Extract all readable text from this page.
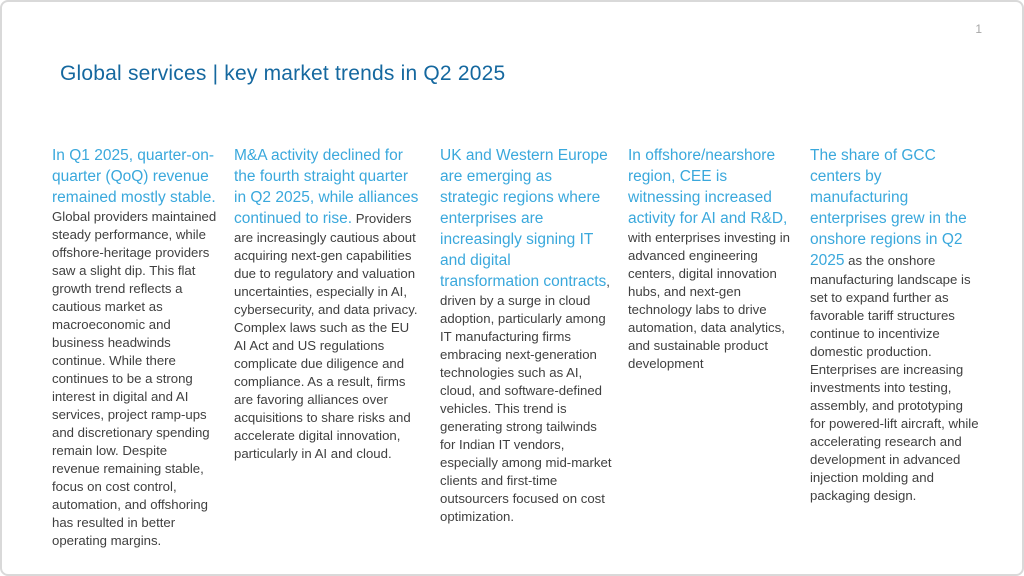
1
Global services | key market trends in Q2 2025

In Q1 2025, quarter-on-quarter (QoQ) revenue remained mostly stable. Global providers maintained steady performance, while offshore-heritage providers saw a slight dip. This flat growth trend reflects a cautious market as macroeconomic and business headwinds continue. While there continues to be a strong interest in digital and AI services, project ramp-ups and discretionary spending remain low. Despite revenue remaining stable, focus on cost control, automation, and offshoring has resulted in better operating margins.

M&A activity declined for the fourth straight quarter in Q2 2025, while alliances continued to rise. Providers are increasingly cautious about acquiring next-gen capabilities due to regulatory and valuation uncertainties, especially in AI, cybersecurity, and data privacy. Complex laws such as the EU AI Act and US regulations complicate due diligence and compliance. As a result, firms are favoring alliances over acquisitions to share risks and accelerate digital innovation, particularly in AI and cloud.

UK and Western Europe are emerging as strategic regions where enterprises are increasingly signing IT and digital transformation contracts, driven by a surge in cloud adoption, particularly among IT manufacturing firms embracing next-generation technologies such as AI, cloud, and software-defined vehicles. This trend is generating strong tailwinds for Indian IT vendors, especially among mid-market clients and first-time outsourcers focused on cost optimization.

In offshore/nearshore region, CEE is witnessing increased activity for AI and R&D, with enterprises investing in advanced engineering centers, digital innovation hubs, and next-gen technology labs to drive automation, data analytics, and sustainable product development

The share of GCC centers by manufacturing enterprises grew in the onshore regions in Q2 2025 as the onshore manufacturing landscape is set to expand further as favorable tariff structures continue to incentivize domestic production. Enterprises are increasing investments into testing, assembly, and prototyping for powered-lift aircraft, while accelerating research and development in advanced injection molding and packaging design.
